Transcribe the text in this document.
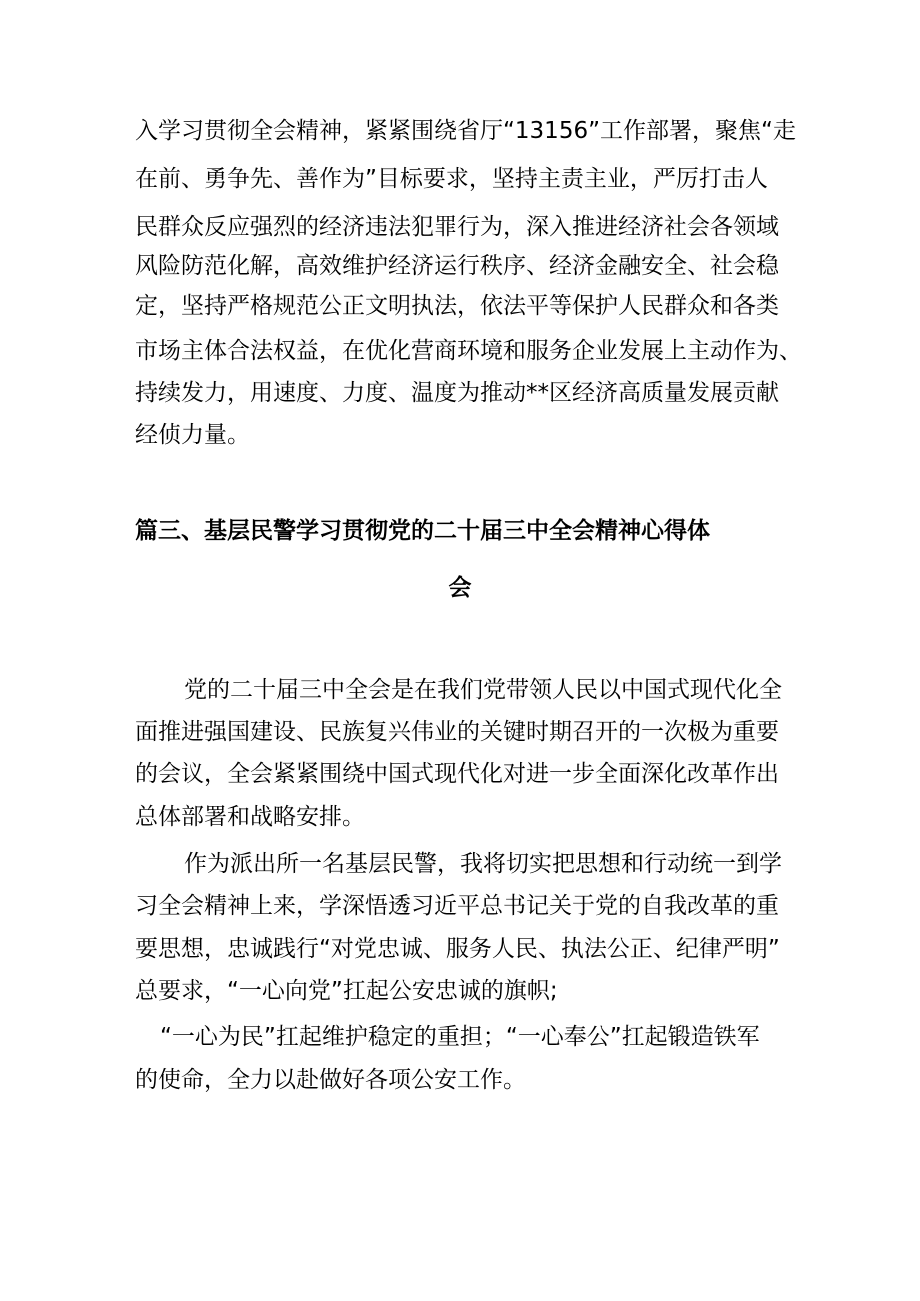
入学习贯彻全会精神，紧紧围绕省厅“13156”工作部署，聚焦“走
在前、勇争先、善作为”目标要求，坚持主责主业，严厉打击人
民群众反应强烈的经济违法犯罪行为，深入推进经济社会各领域
风险防范化解，高效维护经济运行秩序、经济金融安全、社会稳
定，坚持严格规范公正文明执法，依法平等保护人民群众和各类
市场主体合法权益，在优化营商环境和服务企业发展上主动作为、
持续发力，用速度、力度、温度为推动**区经济高质量发展贡献
经侦力量。
篇三、基层民警学习贯彻党的二十届三中全会精神心得体
会
党的二十届三中全会是在我们党带领人民以中国式现代化全
面推进强国建设、民族复兴伟业的关键时期召开的一次极为重要
的会议，全会紧紧围绕中国式现代化对进一步全面深化改革作出
总体部署和战略安排。
作为派出所一名基层民警，我将切实把思想和行动统一到学
习全会精神上来，学深悟透习近平总书记关于党的自我改革的重
要思想，忠诚践行“对党忠诚、服务人民、执法公正、纪律严明”
总要求，“一心向党”扛起公安忠诚的旗帜;
“一心为民”扛起维护稳定的重担；“一心奉公”扛起锻造铁军
的使命，全力以赴做好各项公安工作。
